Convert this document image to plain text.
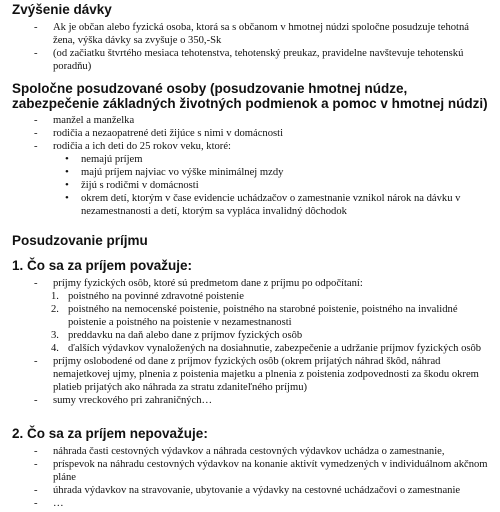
Zvýšenie dávky

- Ak je občan alebo fyzická osoba, ktorá sa s občanom v hmotnej núdzi spoločne posudzuje tehotná žena, výška dávky sa zvyšuje o 350,-Sk
- (od začiatku štvrtého mesiaca tehotenstva, tehotenský preukaz, pravidelne navštevuje tehotenskú poradňu)

Spoločne posudzované osoby (posudzovanie hmotnej núdze, zabezpečenie základných životných podmienok a pomoc v hmotnej núdzi)

- manžel a manželka
- rodičia a nezaopatrené deti žijúce s nimi v domácnosti
- rodičia a ich deti do 25 rokov veku, ktoré:
• nemajú príjem
• majú príjem najviac vo výške minimálnej mzdy
• žijú s rodičmi v domácnosti
• okrem detí, ktorým v čase evidencie uchádzačov o zamestnanie vznikol nárok na dávku v nezamestnanosti a detí, ktorým sa vypláca invalidný dôchodok

Posudzovanie príjmu

1. Čo sa za príjem považuje:

- príjmy fyzických osôb, ktoré sú predmetom dane z príjmu po odpočítaní:
1. poistného na povinné zdravotné poistenie
2. poistného na nemocenské poistenie, poistného na starobné poistenie, poistného na invalidné poistenie a poistného na poistenie v nezamestnanosti
3. preddavku na daň alebo dane z príjmov fyzických osôb
4. ďalších výdavkov vynaložených na dosiahnutie, zabezpečenie a udržanie príjmov fyzických osôb
- príjmy oslobodené od dane z príjmov fyzických osôb (okrem prijatých náhrad škôd, náhrad nemajetkovej ujmy, plnenia z poistenia majetku a plnenia z poistenia zodpovednosti za škodu okrem platieb prijatých ako náhrada za stratu zdaniteľného príjmu)
- sumy vreckového pri zahraničných…

2. Čo sa za príjem nepovažuje:

- náhrada časti cestovných výdavkov a náhrada cestovných výdavkov uchádza o zamestnanie,
- príspevok na náhradu cestovných výdavkov na konanie aktivít vymedzených v individuálnom akčnom pláne
- úhrada výdavkov na stravovanie, ubytovanie a výdavky na cestovné uchádzačovi o zamestnanie
- …
